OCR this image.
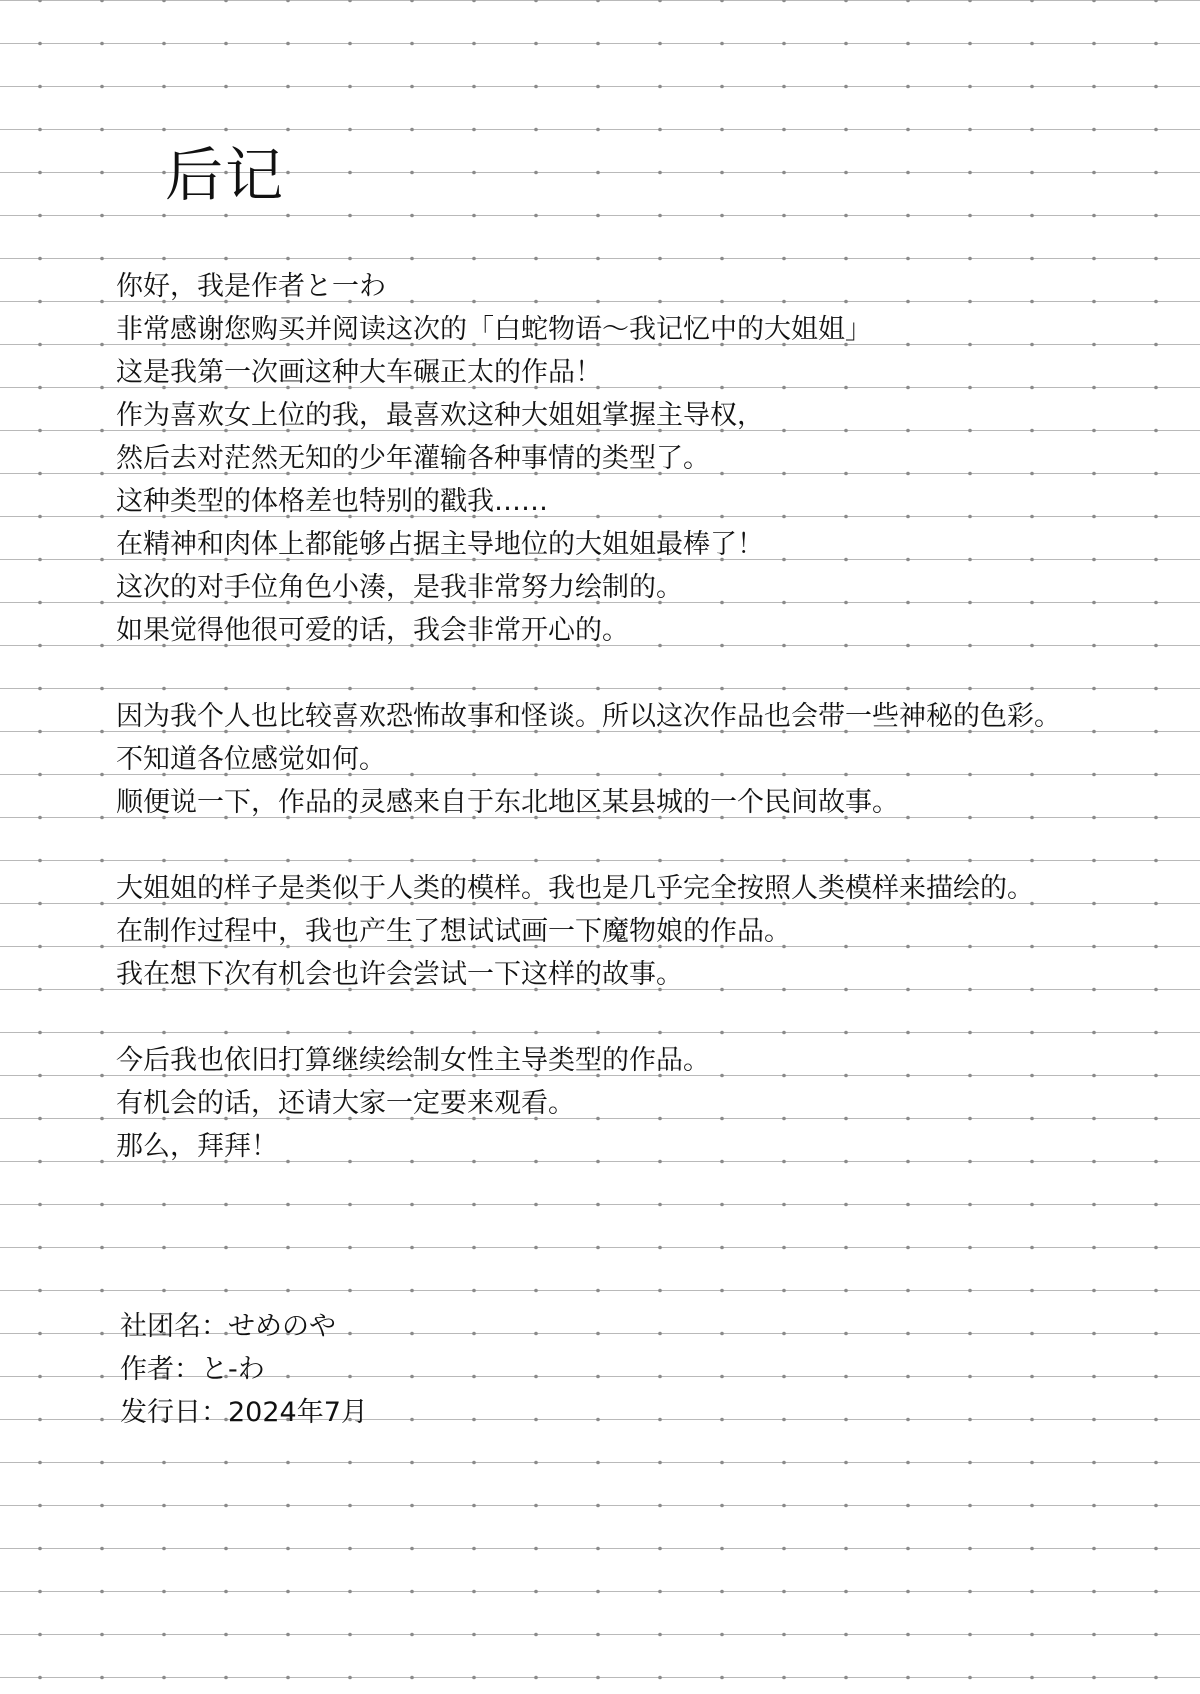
后记

你好，我是作者と一わ

非常感谢您购买并阅读这次的「白蛇物语～我记忆中的大姐姐」

这是我第一次画这种大车碾正太的作品！

作为喜欢女上位的我，最喜欢这种大姐姐掌握主导权，

然后去对茫然无知的少年灌输各种事情的类型了。

这种类型的体格差也特别的戳我……

在精神和肉体上都能够占据主导地位的大姐姐最棒了！

这次的对手位角色小湊，是我非常努力绘制的。

如果觉得他很可爱的话，我会非常开心的。

因为我个人也比较喜欢恐怖故事和怪谈。所以这次作品也会带一些神秘的色彩。

不知道各位感觉如何。

顺便说一下，作品的灵感来自于东北地区某县城的一个民间故事。

大姐姐的样子是类似于人类的模样。我也是几乎完全按照人类模样来描绘的。

在制作过程中，我也产生了想试试画一下魔物娘的作品。

我在想下次有机会也许会尝试一下这样的故事。

今后我也依旧打算继续绘制女性主导类型的作品。

有机会的话，还请大家一定要来观看。

那么，拜拜！

社团名：せめのや

作者：と-わ

发行日：2024年7月
